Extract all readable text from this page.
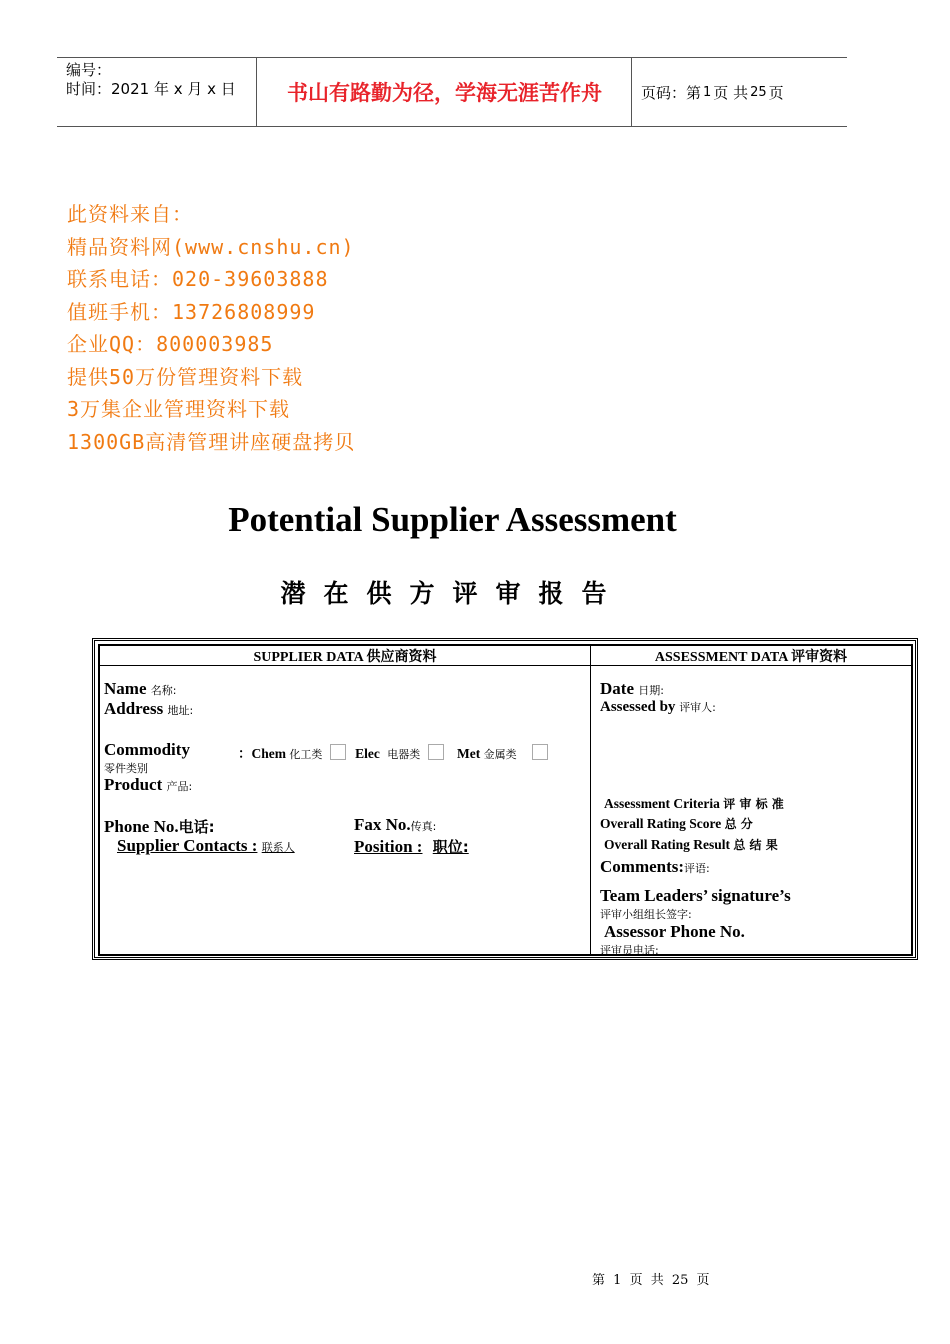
编号：
时间：2021 年 x 月 x 日	书山有路勤为径，学海无涯苦作舟	页码：第 1 页 共 25 页
此资料来自：
精品资料网(www.cnshu.cn)
联系电话：020-39603888
值班手机：13726808999
企业QQ：800003985
提供50万份管理资料下载
3万集企业管理资料下载
1300GB高清管理讲座硬盘拷贝
Potential Supplier Assessment
潜在供方评审报告
SUPPLIER DATA 供应商资料	ASSESSMENT DATA 评审资料
Name 名称:
Address 地址:
Commodity
零件类别
：Chem 化工类 Elec 电器类	Met 金属类
Product 产品:
Phone No.电话:	Fax No.传真:
Supplier Contacts : 联系人	Position : 职位:
Date 日期:
Assessed by 评审人:
Assessment Criteria 评 审 标 准
Overall Rating Score 总 分
Overall Rating Result 总 结 果
Comments:评语:
Team Leaders’ signature’s
评审小组组长签字:
Assessor Phone No.
评审员电话:
第 1 页 共 25 页
